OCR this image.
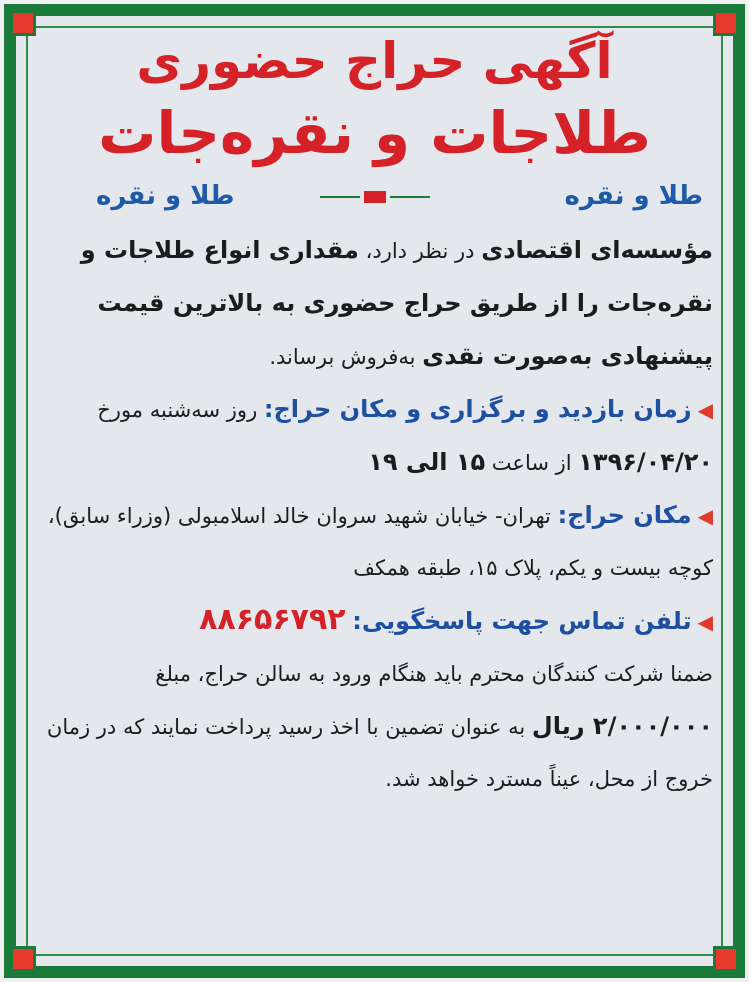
آگهی حراج حضوری
طلاجات و نقره‌جات
طلا و نقره
طلا و نقره
مؤسسه‌ای اقتصادی در نظر دارد، مقداری انواع طلاجات و نقره‌جات را از طریق حراج حضوری به بالاترین قیمت پیشنهادی به‌صورت نقدی به‌فروش برساند.
◀زمان بازدید و برگزاری و مکان حراج: روز سه‌شنبه مورخ ۱۳۹۶/۰۴/۲۰ از ساعت ۱۵ الی ۱۹
◀مکان حراج: تهران- خیابان شهید سروان خالد اسلامبولی (وزراء سابق)، کوچه بیست و یکم، پلاک ۱۵، طبقه همکف
◀تلفن تماس جهت پاسخگویی: ۸۸۶۵۶۷۹۲
ضمنا شرکت کنندگان محترم باید هنگام ورود به سالن حراج، مبلغ ۲/۰۰۰/۰۰۰ ریال به عنوان تضمین با اخذ رسید پرداخت نمایند که در زمان خروج از محل، عیناً مسترد خواهد شد.
